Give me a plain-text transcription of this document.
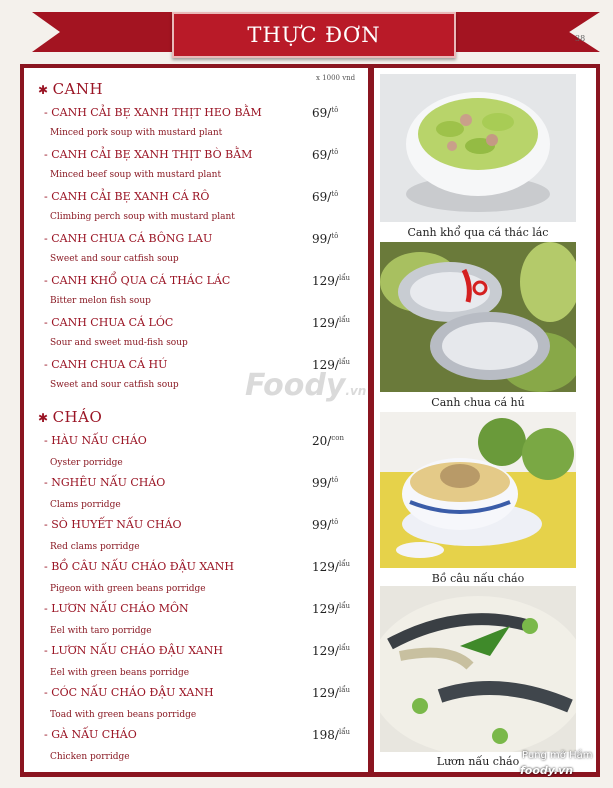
THỰC ĐƠN	38
x 1000 vnd
✱ CANH
- CANH CẢI BẸ XANH THỊT HEO BẰM	69/$^{tô}$
Minced pork soup with mustard plant
- CANH CẢI BẸ XANH THỊT BÒ BẰM	69/$^{tô}$
Minced beef soup with mustard plant
- CANH CẢI BẸ XANH CÁ RÔ	69/$^{tô}$
Climbing perch soup with mustard plant
- CANH CHUA CÁ BÔNG LAU	99/$^{tô}$
Sweet and sour catfish soup
- CANH KHỔ QUA CÁ THÁC LÁC	129/$^{lẩu}$
Bitter melon fish soup
- CANH CHUA CÁ LÓC	129/$^{lẩu}$
Sour and sweet mud-fish soup
- CANH CHUA CÁ HÚ	129/$^{lẩu}$
Sweet and sour catfish soup
✱ CHÁO
- HÀU NẤU CHÁO	20/$^{con}$
Oyster porridge
- NGHÊU NẤU CHÁO	99/$^{tô}$
Clams porridge
- SÒ HUYẾT NẤU CHÁO	99/$^{tô}$
Red clams porridge
- BỒ CÂU NẤU CHÁO ĐẬU XANH	129/$^{lẩu}$
Pigeon with green beans porridge
- LƯƠN NẤU CHÁO MÔN	129/$^{lẩu}$
Eel with taro porridge
- LƯƠN NẤU CHÁO ĐẬU XANH	129/$^{lẩu}$
Eel with green beans porridge
- CÓC NẤU CHÁO ĐẬU XANH	129/$^{lẩu}$
Toad with green beans porridge
- GÀ NẤU CHÁO	198/$^{lẩu}$
Chicken porridge
Foody.vn
Canh khổ qua cá thác lác
Canh chua cá hú
Bồ câu nấu cháo
Lươn nấu cháo Pung mỡ Hầm
foody.vn
